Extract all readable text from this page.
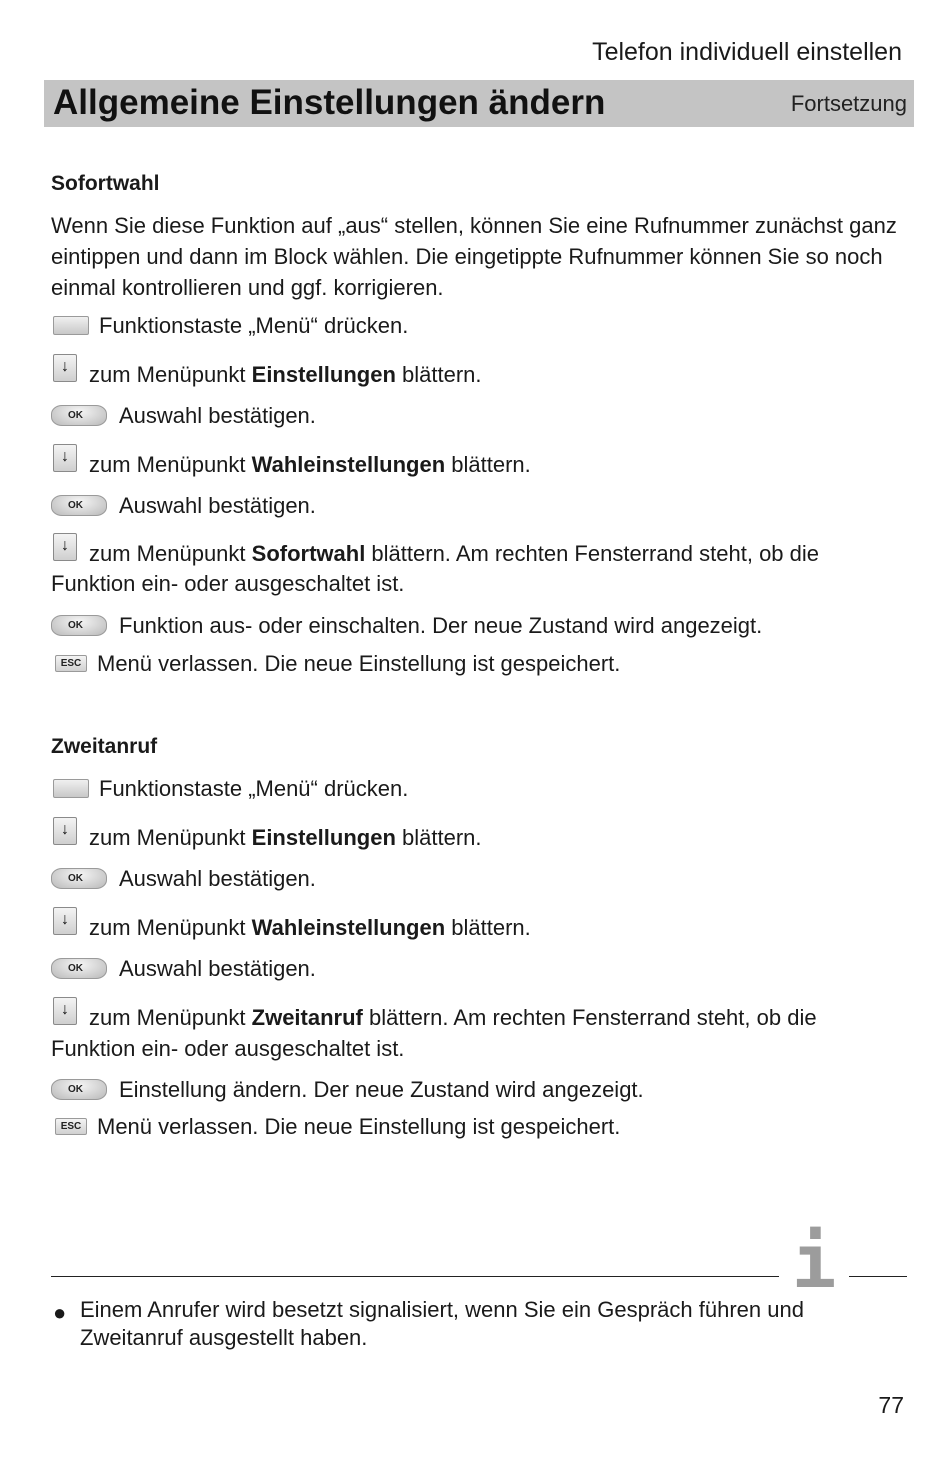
Telefon individuell einstellen
Allgemeine Einstellungen ändern	Fortsetzung
Sofortwahl
Wenn Sie diese Funktion auf „aus“ stellen, können Sie eine Rufnummer zunächst ganz eintippen und dann im Block wählen. Die eingetippte Rufnummer können Sie so noch einmal kontrollieren und ggf. korrigieren.
Funktionstaste „Menü“ drücken.
↓ zum Menüpunkt Einstellungen blättern.
OK Auswahl bestätigen.
↓ zum Menüpunkt Wahleinstellungen blättern.
OK Auswahl bestätigen.
↓ zum Menüpunkt Sofortwahl blättern. Am rechten Fensterrand steht, ob die
Funktion ein- oder ausgeschaltet ist.
OK Funktion aus- oder einschalten. Der neue Zustand wird angezeigt.
ESC Menü verlassen. Die neue Einstellung ist gespeichert.
Zweitanruf
Funktionstaste „Menü“ drücken.
↓ zum Menüpunkt Einstellungen blättern.
OK Auswahl bestätigen.
↓ zum Menüpunkt Wahleinstellungen blättern.
OK Auswahl bestätigen.
↓ zum Menüpunkt Zweitanruf blättern. Am rechten Fensterrand steht, ob die
Funktion ein- oder ausgeschaltet ist.
OK Einstellung ändern. Der neue Zustand wird angezeigt.
ESC Menü verlassen. Die neue Einstellung ist gespeichert.
i
● Einem Anrufer wird besetzt signalisiert, wenn Sie ein Gespräch führen und Zweitanruf ausgestellt haben.
77
